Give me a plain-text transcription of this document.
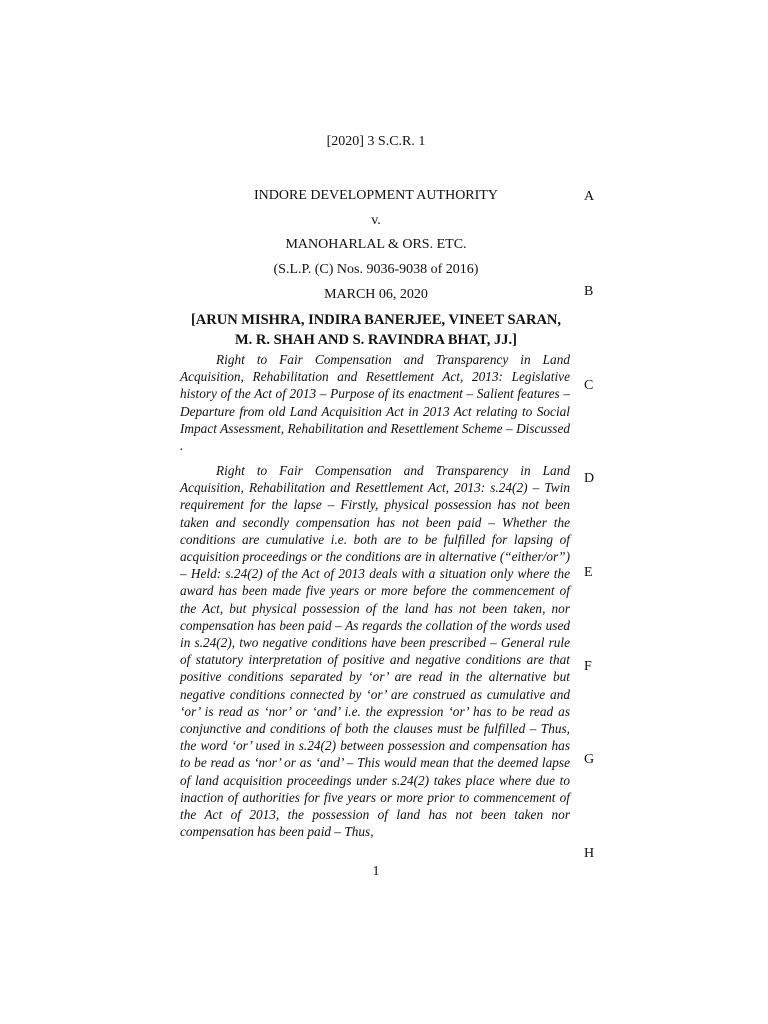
[2020] 3 S.C.R. 1
INDORE DEVELOPMENT AUTHORITY
v.
MANOHARLAL & ORS. ETC.
(S.L.P. (C) Nos. 9036-9038 of 2016)
MARCH 06, 2020
[ARUN MISHRA, INDIRA BANERJEE, VINEET SARAN,
M. R. SHAH AND S. RAVINDRA BHAT, JJ.]
Right to Fair Compensation and Transparency in Land Acquisition, Rehabilitation and Resettlement Act, 2013: Legislative history of the Act of 2013 – Purpose of its enactment – Salient features – Departure from old Land Acquisition Act in 2013 Act relating to Social Impact Assessment, Rehabilitation and Resettlement Scheme – Discussed .
Right to Fair Compensation and Transparency in Land Acquisition, Rehabilitation and Resettlement Act, 2013: s.24(2) – Twin requirement for the lapse – Firstly, physical possession has not been taken and secondly compensation has not been paid – Whether the conditions are cumulative i.e. both are to be fulfilled for lapsing of acquisition proceedings or the conditions are in alternative (“either/or”) – Held: s.24(2) of the Act of 2013 deals with a situation only where the award has been made five years or more before the commencement of the Act, but physical possession of the land has not been taken, nor compensation has been paid – As regards the collation of the words used in s.24(2), two negative conditions have been prescribed – General rule of statutory interpretation of positive and negative conditions are that positive conditions separated by ‘or’ are read in the alternative but negative conditions connected by ‘or’ are construed as cumulative and ‘or’ is read as ‘nor’ or ‘and’ i.e. the expression ‘or’ has to be read as conjunctive and conditions of both the clauses must be fulfilled – Thus, the word ‘or’ used in s.24(2) between possession and compensation has to be read as ‘nor’ or as ‘and’ – This would mean that the deemed lapse of land acquisition proceedings under s.24(2) takes place where due to inaction of authorities for five years or more prior to commencement of the Act of 2013, the possession of land has not been taken nor compensation has been paid – Thus,
A
B
C
D
E
F
G
H
1
